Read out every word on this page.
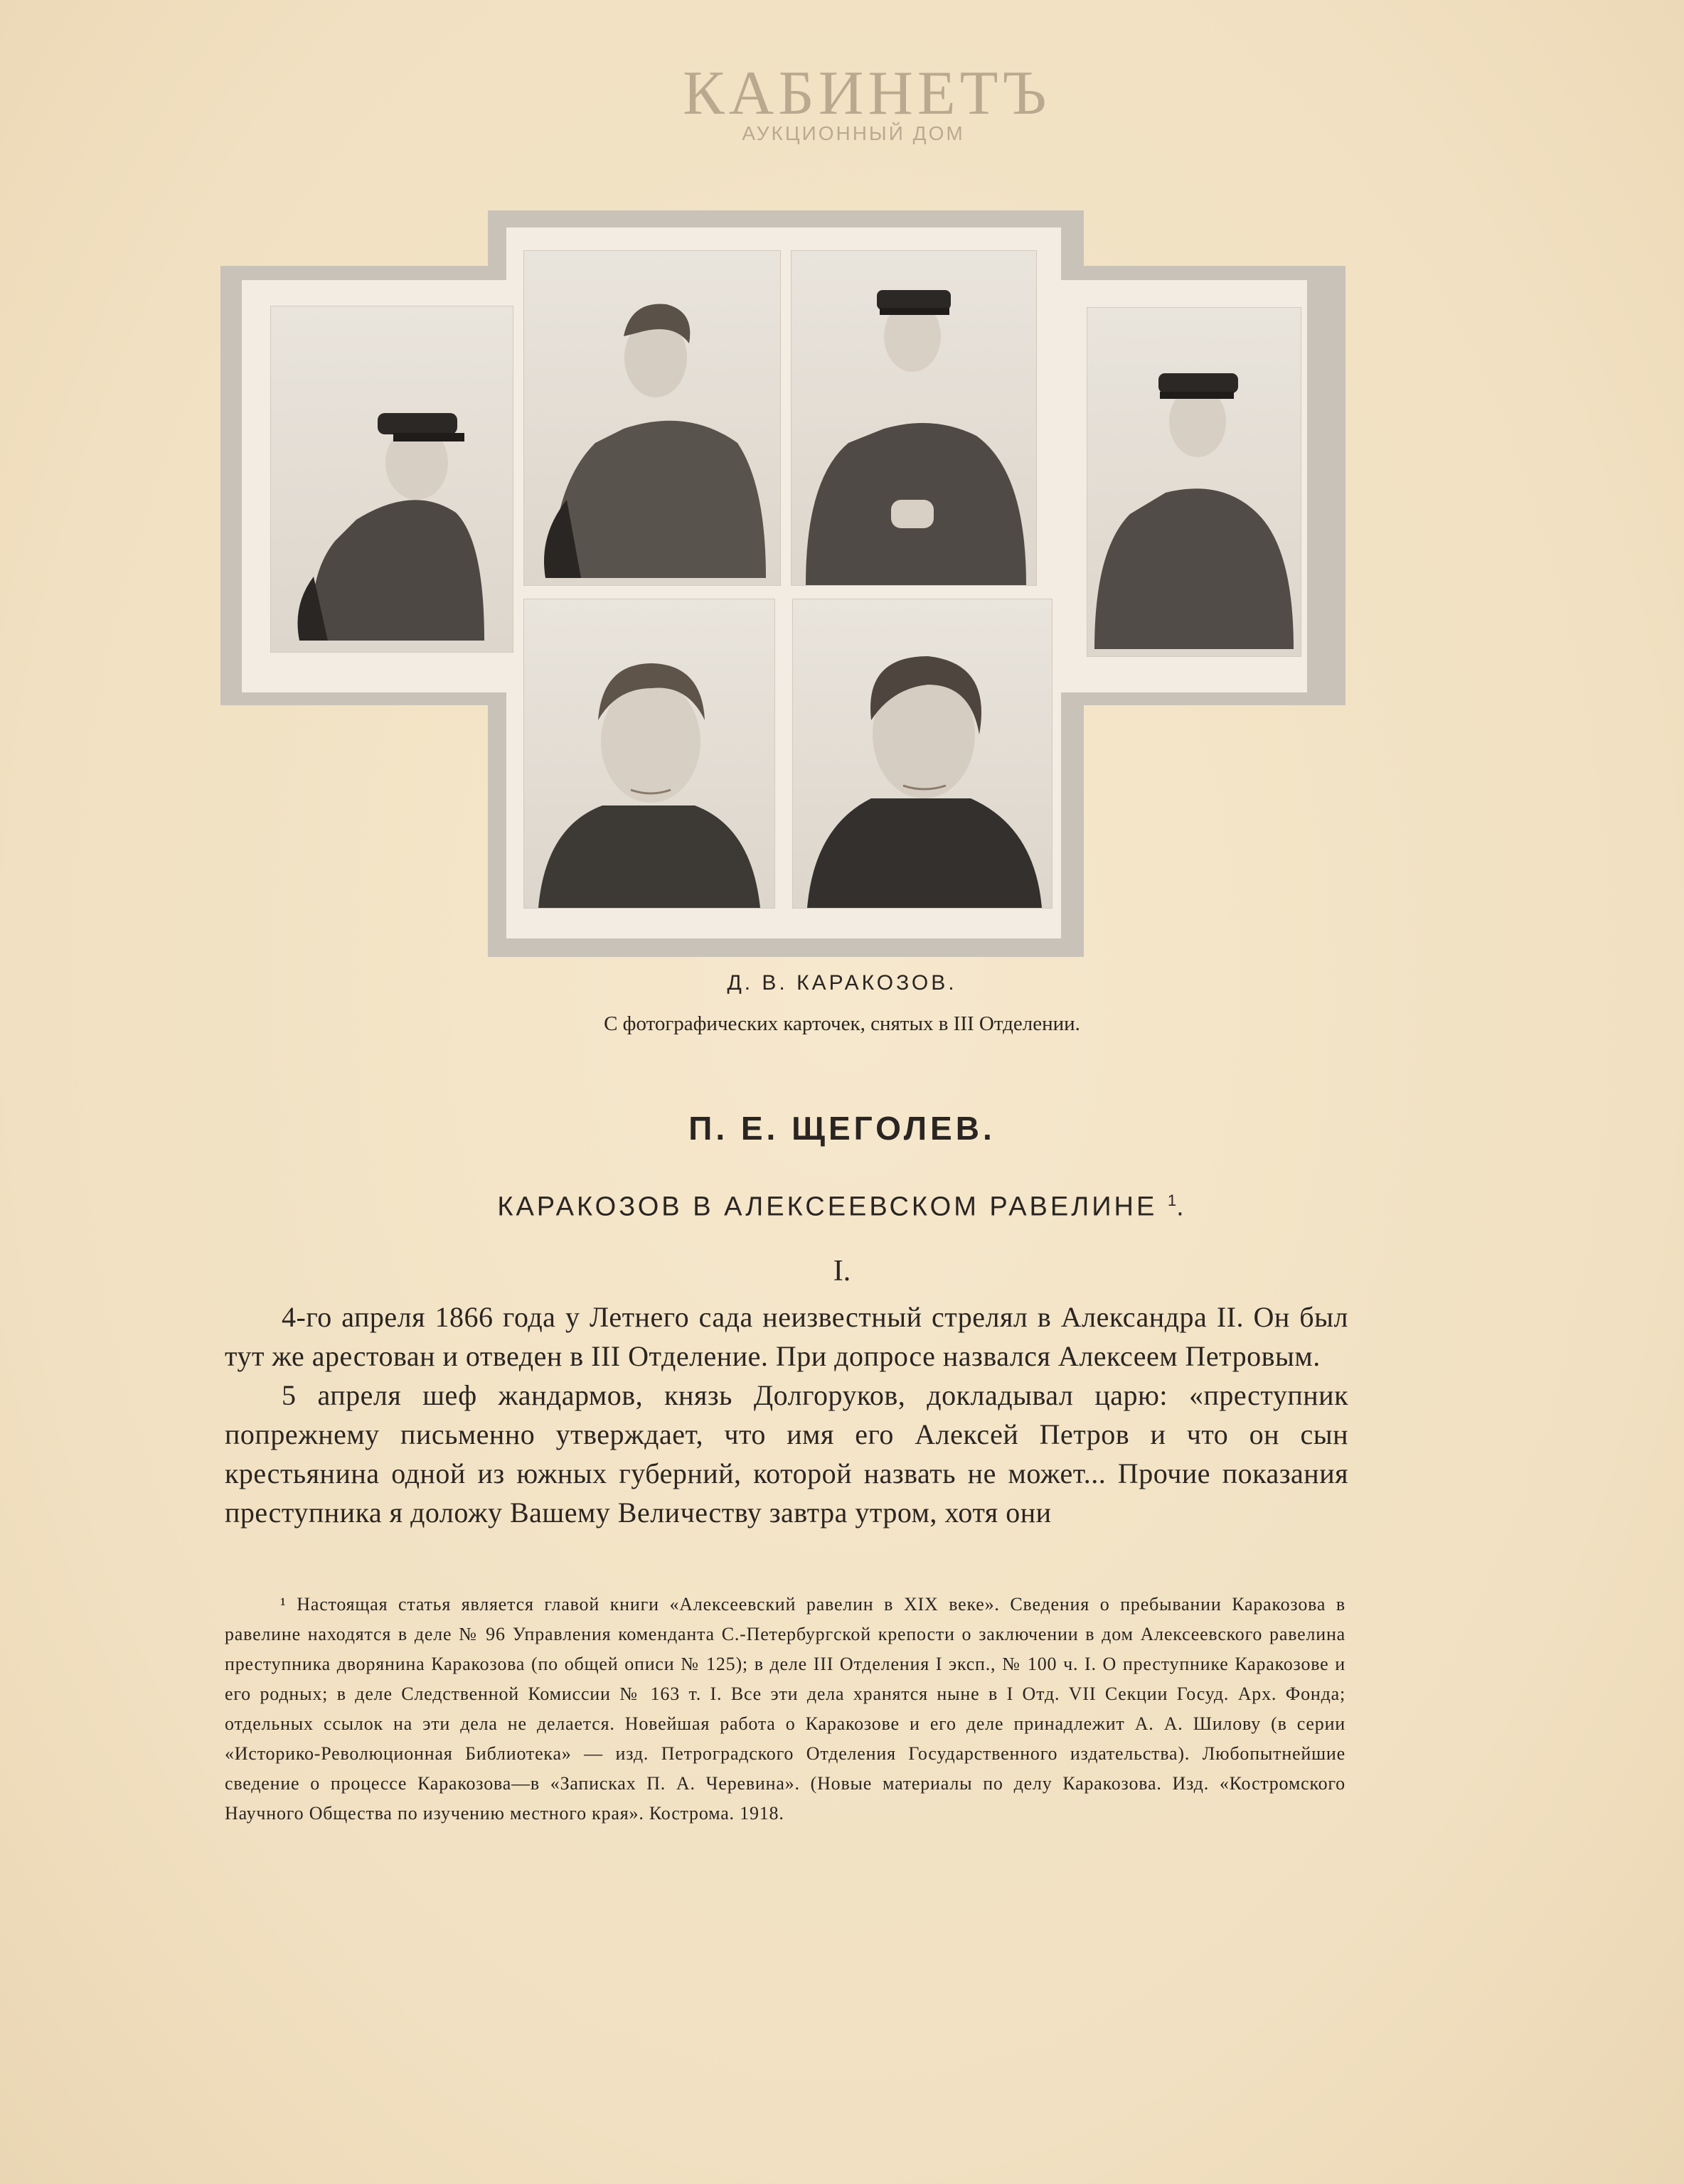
КАБИНЕТЪ
АУКЦИОННЫЙ ДОМ
Д. В. КАРАКОЗОВ.
С фотографических карточек, снятых в III Отделении.
П. Е. ЩЕГОЛЕВ.
КАРАКОЗОВ В АЛЕКСЕЕВСКОМ РАВЕЛИНЕ $^1$.
I.

4-го апреля 1866 года у Летнего сада неизвестный стрелял в Александра II. Он был тут же арестован и отведен в III Отделение. При допросе назвался Алексеем Петровым.

5 апреля шеф жандармов, князь Долгоруков, докладывал царю: «преступник попрежнему письменно утверждает, что имя его Алексей Петров и что он сын крестьянина одной из южных губерний, которой назвать не может... Прочие показания преступника я доложу Вашему Величеству завтра утром, хотя они

¹ Настоящая статья является главой книги «Алексеевский равелин в XIX веке». Сведения о пребывании Каракозова в равелине находятся в деле № 96 Управления коменданта С.-Петербургской крепости о заключении в дом Алексеевского равелина преступника дворянина Каракозова (по общей описи № 125); в деле III Отделения I эксп., № 100 ч. I. О преступнике Каракозове и его родных; в деле Следственной Комиссии № 163 т. I. Все эти дела хранятся ныне в I Отд. VII Секции Госуд. Арх. Фонда; отдельных ссылок на эти дела не делается. Новейшая работа о Каракозове и его деле принадлежит А. А. Шилову (в серии «Историко-Революционная Библиотека» — изд. Петроградского Отделения Государственного издательства). Любопытнейшие сведение о процессе Каракозова—в «Записках П. А. Черевина». (Новые материалы по делу Каракозова. Изд. «Костромского Научного Общества по изучению местного края». Кострома. 1918.
